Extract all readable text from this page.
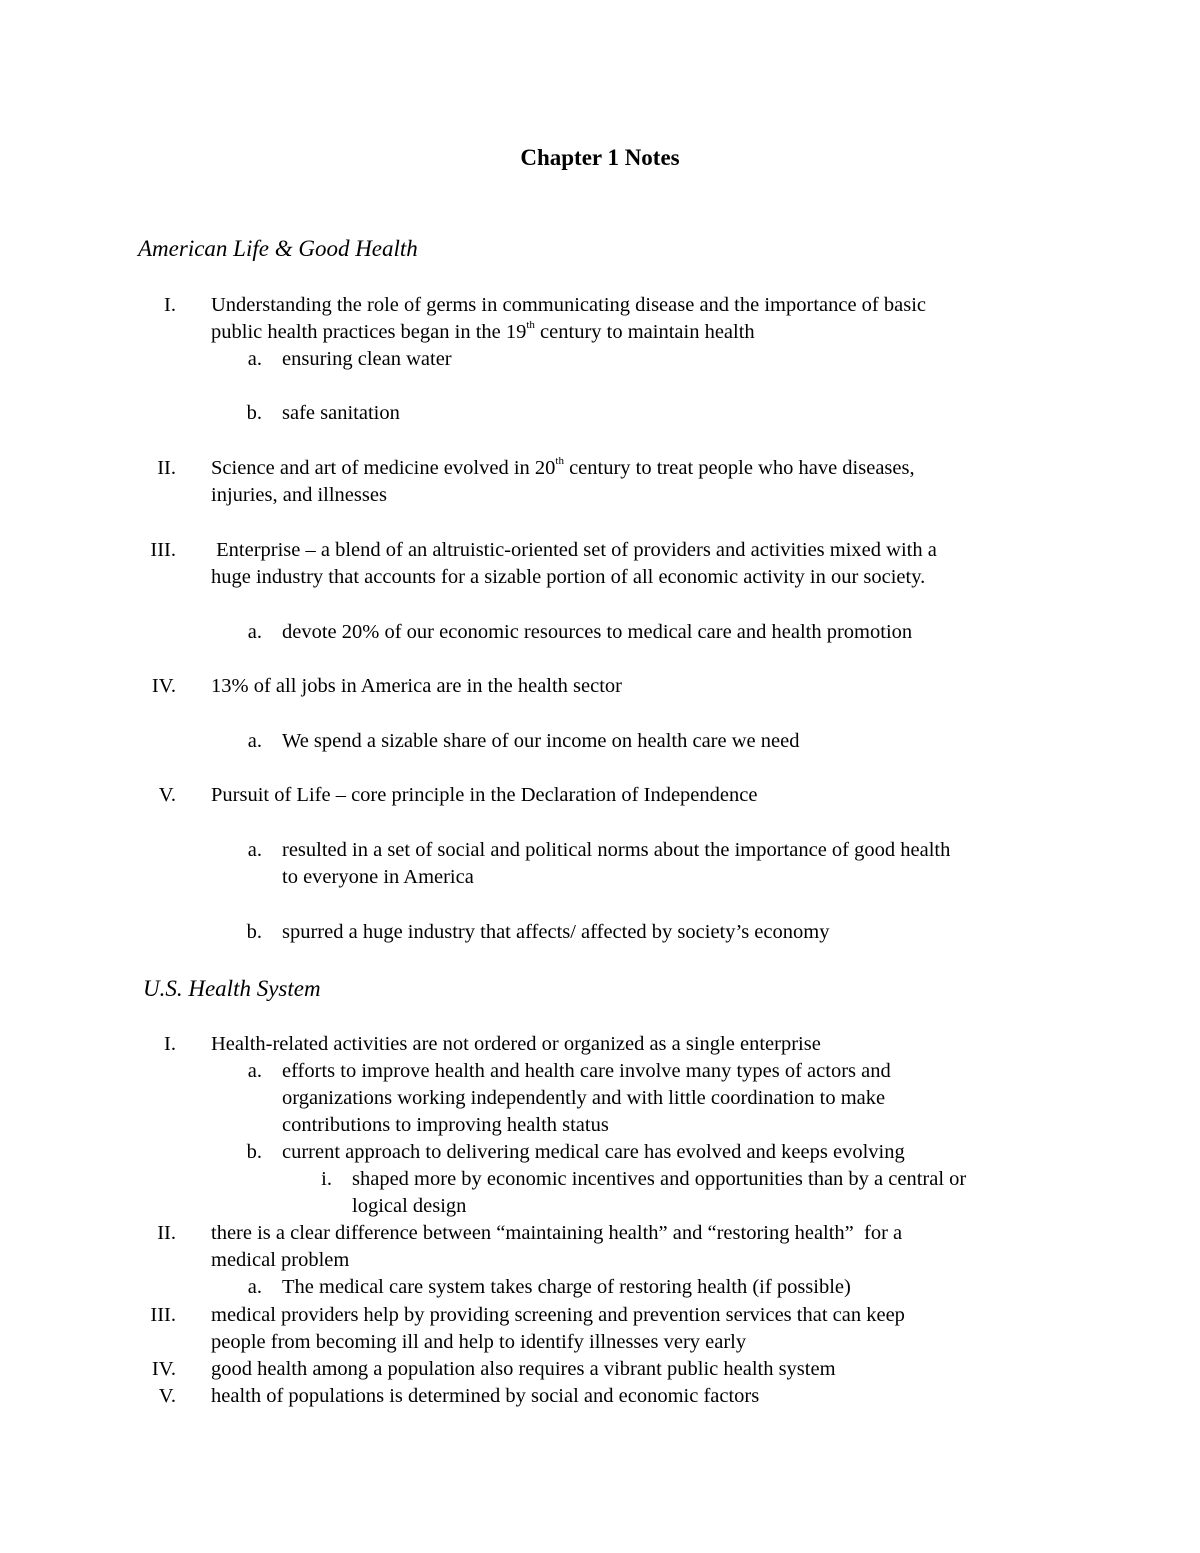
Chapter 1 Notes
American Life & Good Health
I. Understanding the role of germs in communicating disease and the importance of basic
public health practices began in the 19th century to maintain health
a. ensuring clean water
b. safe sanitation
II. Science and art of medicine evolved in 20th century to treat people who have diseases,
injuries, and illnesses
III. Enterprise – a blend of an altruistic-oriented set of providers and activities mixed with a
huge industry that accounts for a sizable portion of all economic activity in our society.
a. devote 20% of our economic resources to medical care and health promotion
IV. 13% of all jobs in America are in the health sector
a. We spend a sizable share of our income on health care we need
V. Pursuit of Life – core principle in the Declaration of Independence
a. resulted in a set of social and political norms about the importance of good health
to everyone in America
b. spurred a huge industry that affects/ affected by society’s economy
U.S. Health System
I. Health-related activities are not ordered or organized as a single enterprise
a. efforts to improve health and health care involve many types of actors and
organizations working independently and with little coordination to make
contributions to improving health status
b. current approach to delivering medical care has evolved and keeps evolving
i. shaped more by economic incentives and opportunities than by a central or
logical design
II. there is a clear difference between “maintaining health” and “restoring health”  for a
medical problem
a. The medical care system takes charge of restoring health (if possible)
III. medical providers help by providing screening and prevention services that can keep
people from becoming ill and help to identify illnesses very early
IV. good health among a population also requires a vibrant public health system
V. health of populations is determined by social and economic factors
